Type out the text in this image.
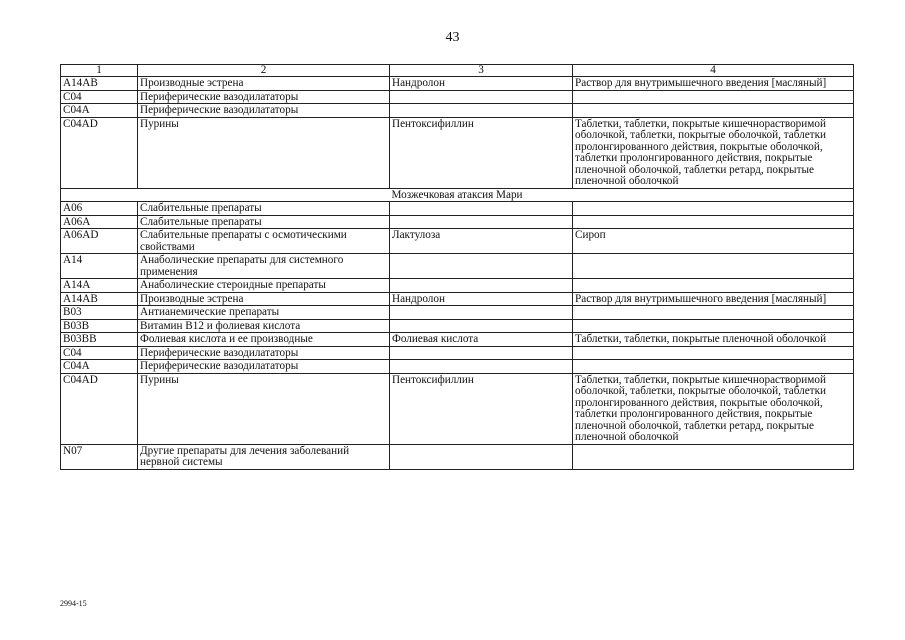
43
1	2	3	4
A14AB	Производные эстрена	Нандролон	Раствор для внутримышечного введения [масляный]
C04	Периферические вазодилататоры		
C04A	Периферические вазодилататоры		
C04AD	Пурины	Пентоксифиллин	Таблетки, таблетки, покрытые кишечнорастворимой оболочкой, таблетки, покрытые оболочкой, таблетки пролонгированного действия, покрытые оболочкой, таблетки пролонгированного действия, покрытые пленочной оболочкой, таблетки ретард, покрытые пленочной оболочкой
Мозжечковая атаксия Мари			
A06	Слабительные препараты		
A06A	Слабительные препараты		
A06AD	Слабительные препараты с осмотическими свойствами	Лактулоза	Сироп
A14	Анаболические препараты для системного применения		
A14A	Анаболические стероидные препараты		
A14AB	Производные эстрена	Нандролон	Раствор для внутримышечного введения [масляный]
B03	Антианемические препараты		
B03B	Витамин B12 и фолиевая кислота		
B03BB	Фолиевая кислота и ее производные	Фолиевая кислота	Таблетки, таблетки, покрытые пленочной оболочкой
C04	Периферические вазодилататоры		
C04A	Периферические вазодилататоры		
C04AD	Пурины	Пентоксифиллин	Таблетки, таблетки, покрытые кишечнорастворимой оболочкой, таблетки, покрытые оболочкой, таблетки пролонгированного действия, покрытые оболочкой, таблетки пролонгированного действия, покрытые пленочной оболочкой, таблетки ретард, покрытые пленочной оболочкой
N07	Другие препараты для лечения заболеваний нервной системы		
2994-15
